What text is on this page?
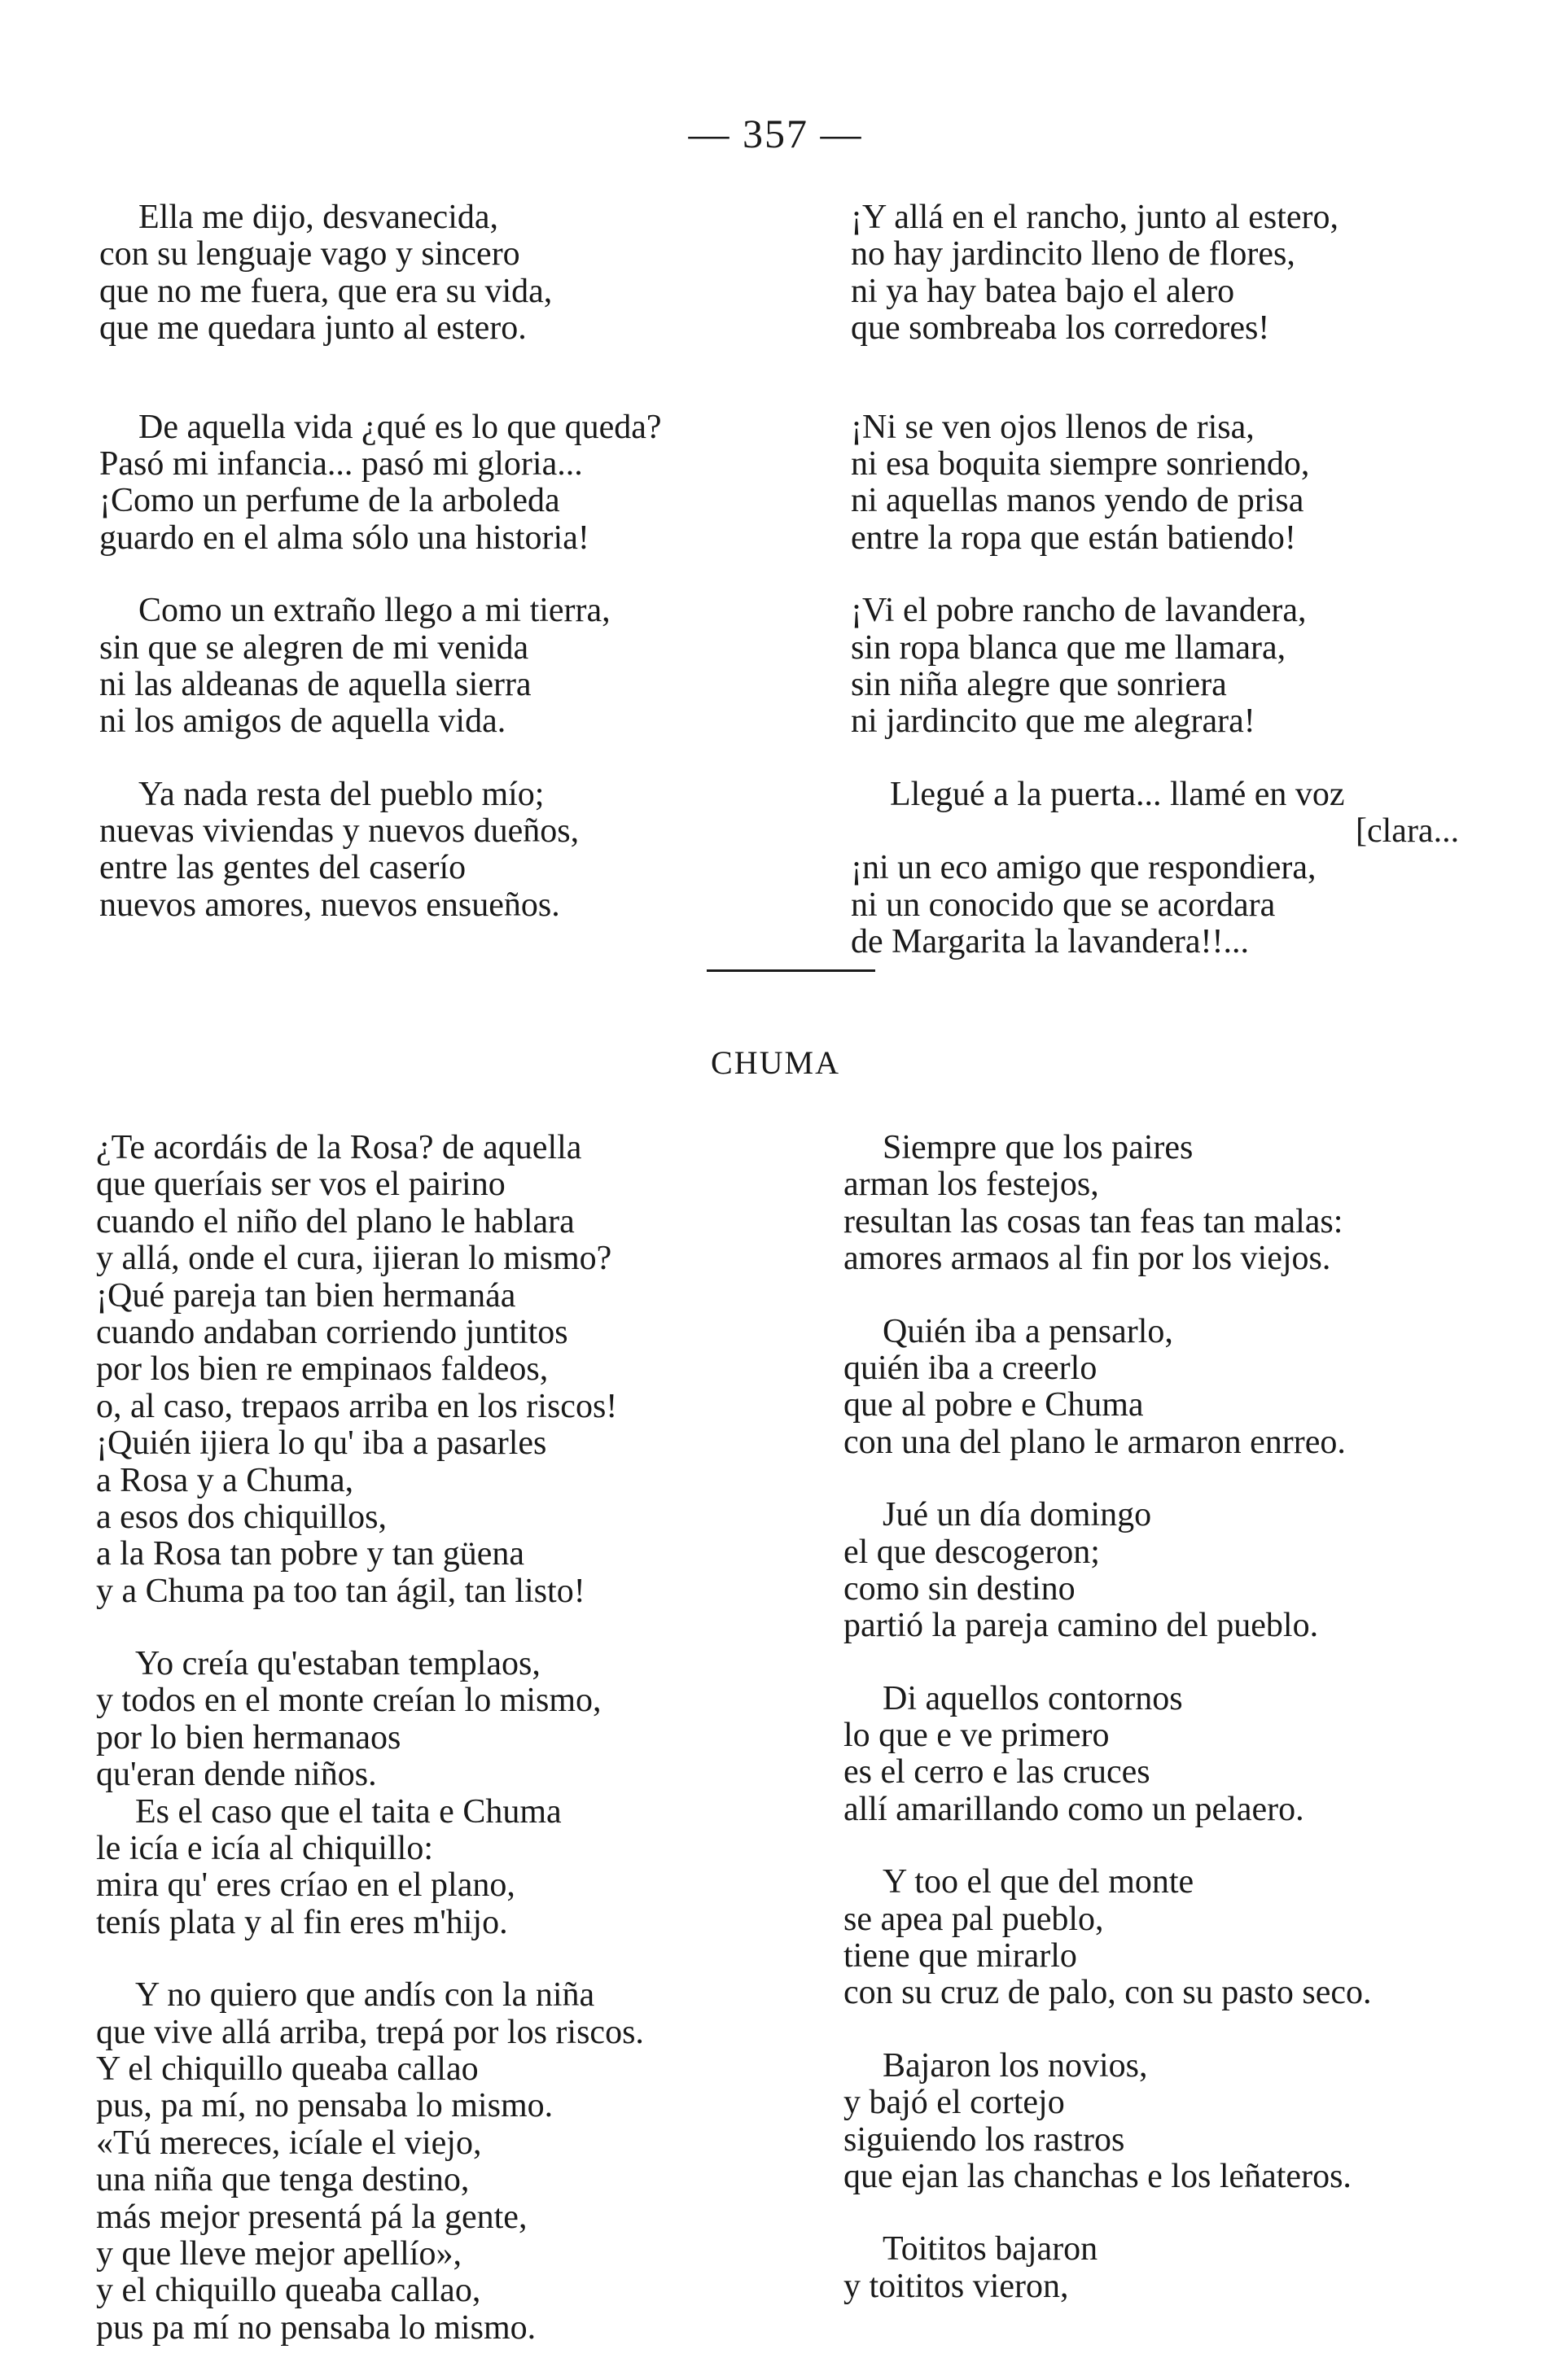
— 357 —
Ella me dijo, desvanecida,
con su lenguaje vago y sincero
que no me fuera, que era su vida,
que me quedara junto al estero.
De aquella vida ¿qué es lo que queda?
Pasó mi infancia... pasó mi gloria...
¡Como un perfume de la arboleda
guardo en el alma sólo una historia!
Como un extraño llego a mi tierra,
sin que se alegren de mi venida
ni las aldeanas de aquella sierra
ni los amigos de aquella vida.
Ya nada resta del pueblo mío;
nuevas viviendas y nuevos dueños,
entre las gentes del caserío
nuevos amores, nuevos ensueños.
¡Y allá en el rancho, junto al estero,
no hay jardincito lleno de flores,
ni ya hay batea bajo el alero
que sombreaba los corredores!
¡Ni se ven ojos llenos de risa,
ni esa boquita siempre sonriendo,
ni aquellas manos yendo de prisa
entre la ropa que están batiendo!
¡Vi el pobre rancho de lavandera,
sin ropa blanca que me llamara,
sin niña alegre que sonriera
ni jardincito que me alegrara!
Llegué a la puerta... llamé en voz
[clara...
¡ni un eco amigo que respondiera,
ni un conocido que se acordara
de Margarita la lavandera!!...
CHUMA
¿Te acordáis de la Rosa? de aquella
que queríais ser vos el pairino
cuando el niño del plano le hablara
y allá, onde el cura, ijieran lo mismo?
¡Qué pareja tan bien hermanáa
cuando andaban corriendo juntitos
por los bien re empinaos faldeos,
o, al caso, trepaos arriba en los riscos!
¡Quién ijiera lo qu' iba a pasarles
a Rosa y a Chuma,
a esos dos chiquillos,
a la Rosa tan pobre y tan güena
y a Chuma pa too tan ágil, tan listo!
Yo creía qu'estaban templaos,
y todos en el monte creían lo mismo,
por lo bien hermanaos
qu'eran dende niños.
Es el caso que el taita e Chuma
le icía e icía al chiquillo:
mira qu' eres críao en el plano,
tenís plata y al fin eres m'hijo.
Y no quiero que andís con la niña
que vive allá arriba, trepá por los riscos.
Y el chiquillo queaba callao
pus, pa mí, no pensaba lo mismo.
«Tú mereces, icíale el viejo,
una niña que tenga destino,
más mejor presentá pá la gente,
y que lleve mejor apellío»,
y el chiquillo queaba callao,
pus pa mí no pensaba lo mismo.
Siempre que los paires
arman los festejos,
resultan las cosas tan feas tan malas:
amores armaos al fin por los viejos.
Quién iba a pensarlo,
quién iba a creerlo
que al pobre e Chuma
con una del plano le armaron enrreo.
Jué un día domingo
el que descogeron;
como sin destino
partió la pareja camino del pueblo.
Di aquellos contornos
lo que e ve primero
es el cerro e las cruces
allí amarillando como un pelaero.
Y too el que del monte
se apea pal pueblo,
tiene que mirarlo
con su cruz de palo, con su pasto seco.
Bajaron los novios,
y bajó el cortejo
siguiendo los rastros
que ejan las chanchas e los leñateros.
Toititos bajaron
y toititos vieron,
